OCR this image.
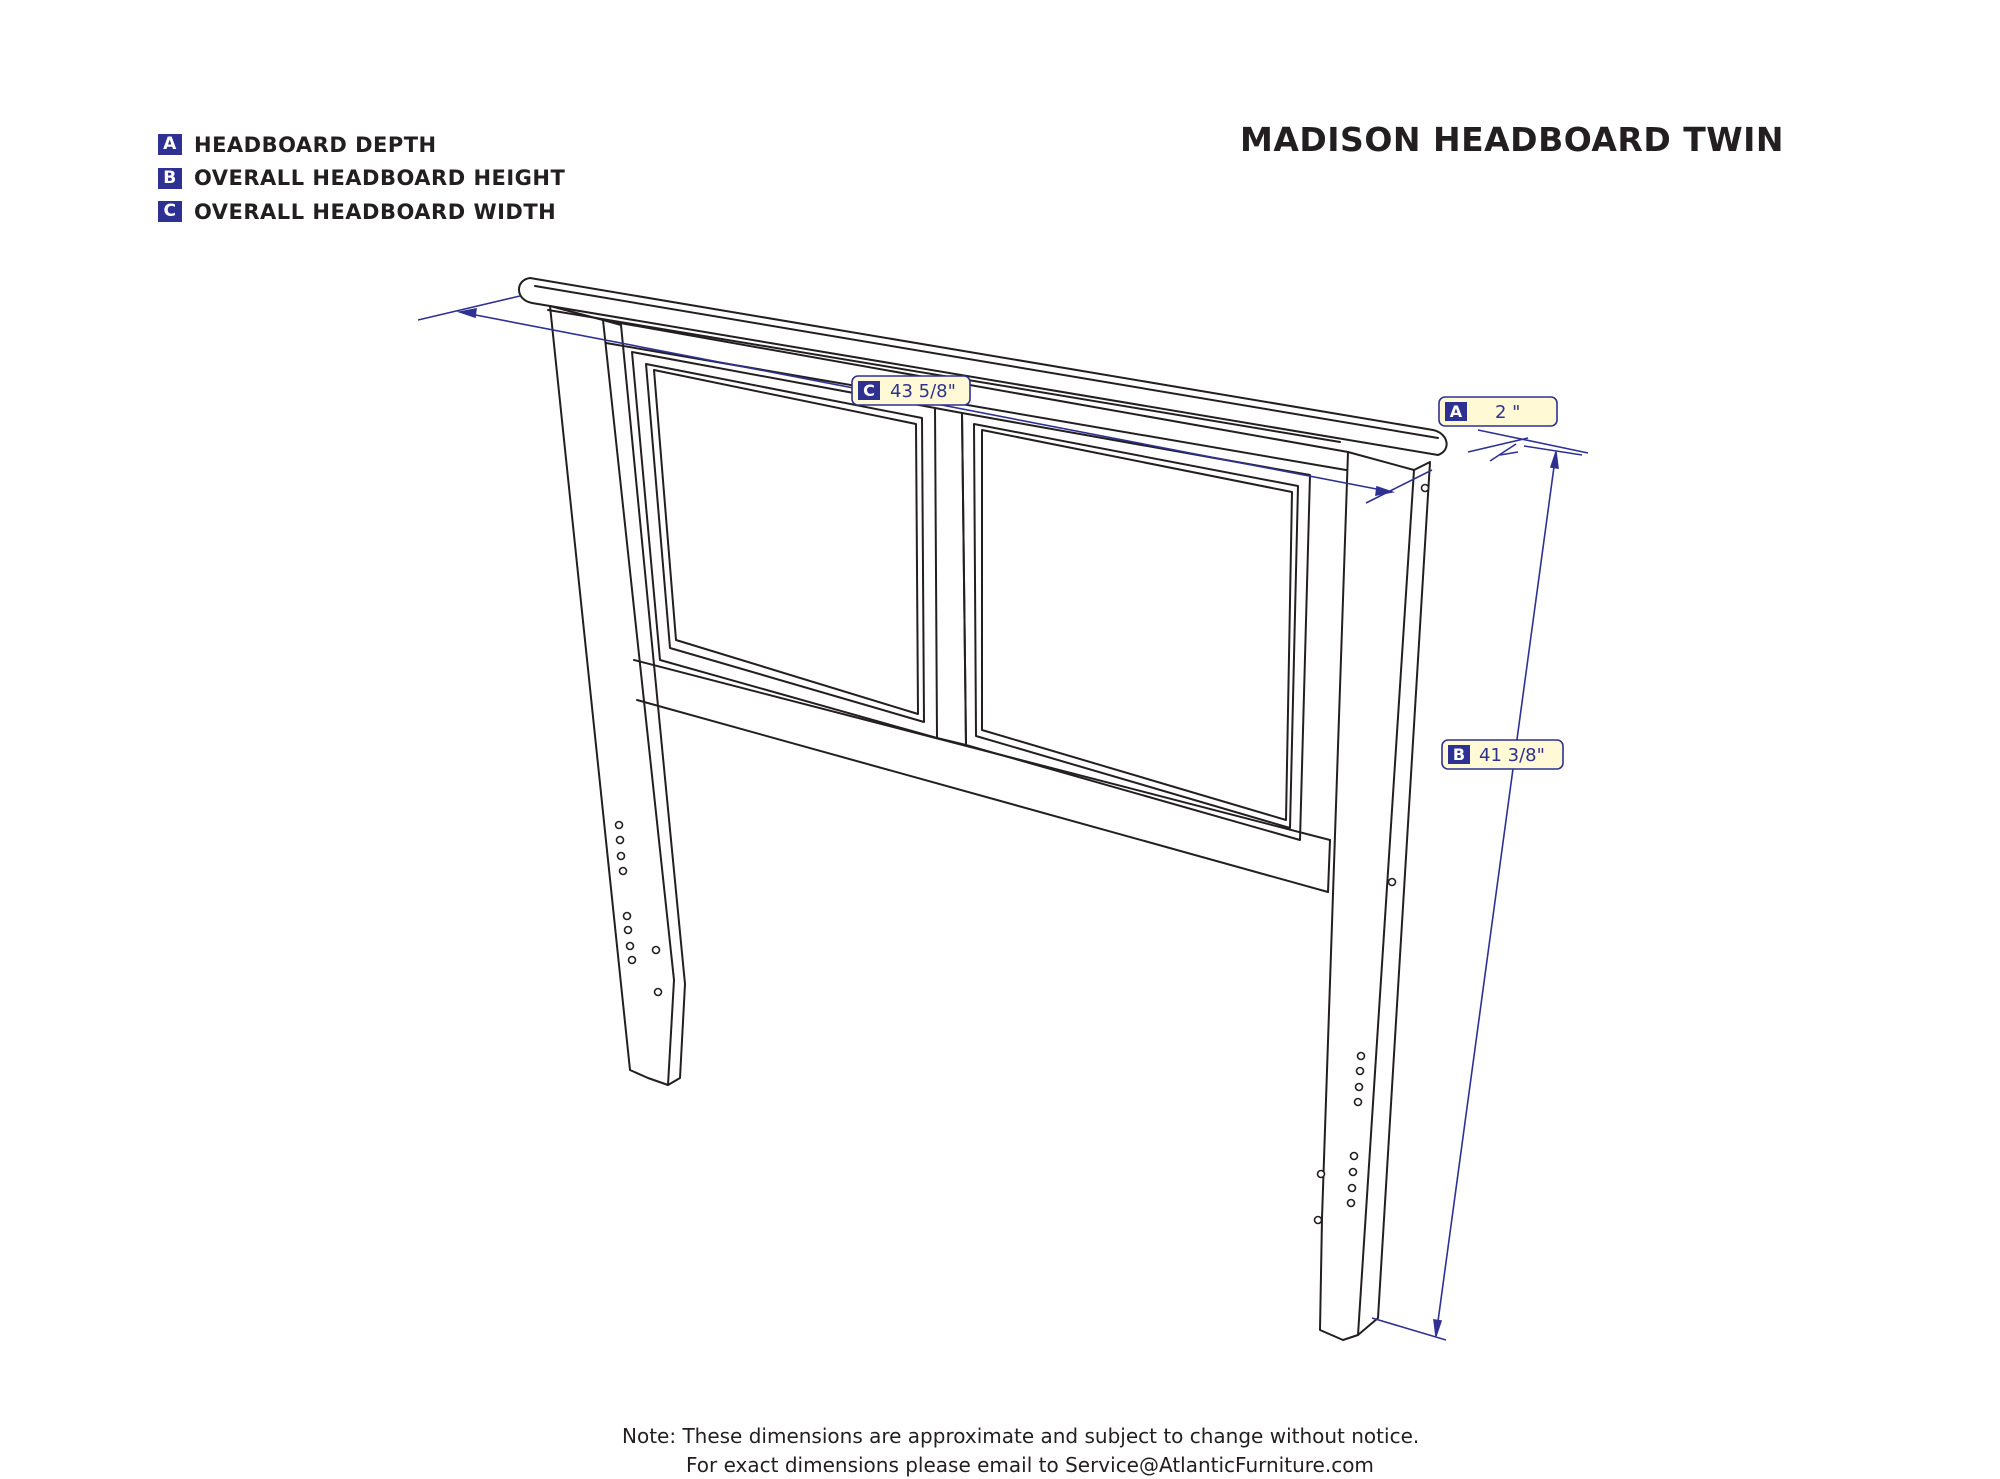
A HEADBOARD DEPTH
B OVERALL HEADBOARD HEIGHT
C OVERALL HEADBOARD WIDTH
MADISON HEADBOARD TWIN
C 43 5/8"
A 2 "
B 41 3/8"
Note: These dimensions are approximate and subject to change without notice.
For exact dimensions please email to Service@AtlanticFurniture.com
